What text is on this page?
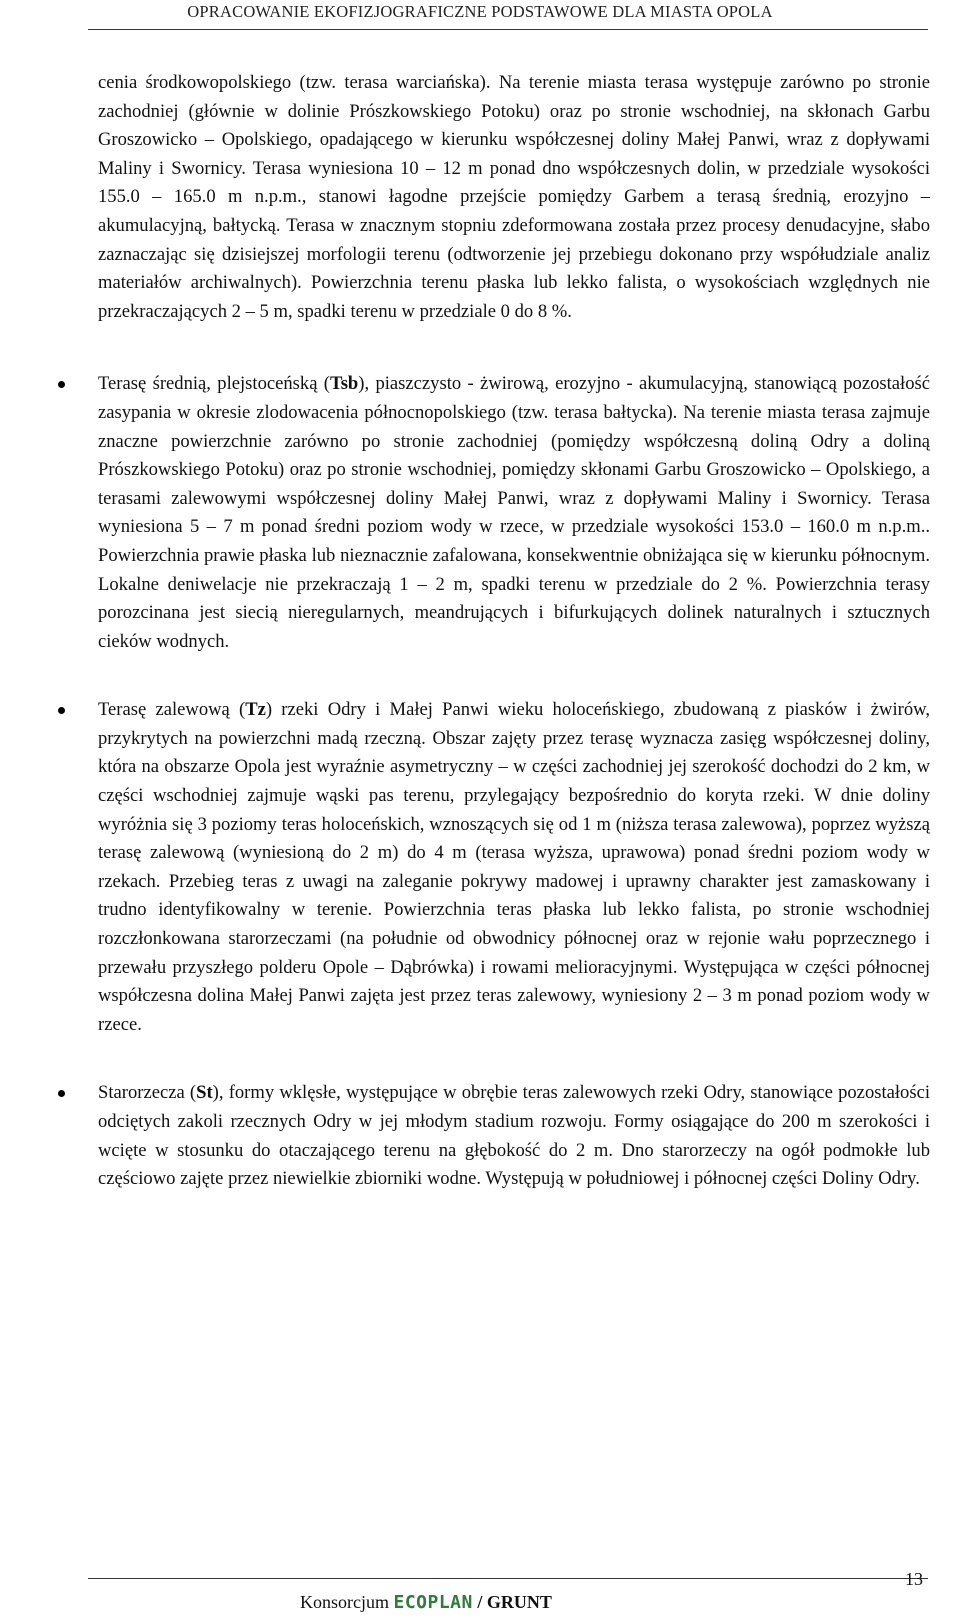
OPRACOWANIE EKOFIZJOGRAFICZNE PODSTAWOWE DLA MIASTA OPOLA

cenia środkowopolskiego (tzw. terasa warciańska). Na terenie miasta terasa występuje zarówno po stronie zachodniej (głównie w dolinie Prószkowskiego Potoku) oraz po stronie wschodniej, na skłonach Garbu Groszowicko – Opolskiego, opadającego w kierunku współczesnej doliny Małej Panwi, wraz z dopływami Maliny i Swornicy. Terasa wyniesiona 10 – 12 m ponad dno współczesnych dolin, w przedziale wysokości 155.0 – 165.0 m n.p.m., stanowi łagodne przejście pomiędzy Garbem a terasą średnią, erozyjno – akumulacyjną, bałtycką. Terasa w znacznym stopniu zdeformowana została przez procesy denudacyjne, słabo zaznaczając się dzisiejszej morfologii terenu (odtworzenie jej przebiegu dokonano przy współudziale analiz materiałów archiwalnych). Powierzchnia terenu płaska lub lekko falista, o wysokościach względnych nie przekraczających 2 – 5 m, spadki terenu w przedziale 0 do 8 %.

Terasę średnią, plejstoceńską (Tsb), piaszczysto - żwirową, erozyjno - akumulacyjną, stanowiącą pozostałość zasypania w okresie zlodowacenia północnopolskiego (tzw. terasa bałtycka). Na terenie miasta terasa zajmuje znaczne powierzchnie zarówno po stronie zachodniej (pomiędzy współczesną doliną Odry a doliną Prószkowskiego Potoku) oraz po stronie wschodniej, pomiędzy skłonami Garbu Groszowicko – Opolskiego, a terasami zalewowymi współczesnej doliny Małej Panwi, wraz z dopływami Maliny i Swornicy. Terasa wyniesiona 5 – 7 m ponad średni poziom wody w rzece, w przedziale wysokości 153.0 – 160.0 m n.p.m.. Powierzchnia prawie płaska lub nieznacznie zafalowana, konsekwentnie obniżająca się w kierunku północnym. Lokalne deniwelacje nie przekraczają 1 – 2 m, spadki terenu w przedziale do 2 %. Powierzchnia terasy porozcinana jest siecią nieregularnych, meandrujących i bifurkujących dolinek naturalnych i sztucznych cieków wodnych.
Terasę zalewową (Tz) rzeki Odry i Małej Panwi wieku holoceńskiego, zbudowaną z piasków i żwirów, przykrytych na powierzchni madą rzeczną. Obszar zajęty przez terasę wyznacza zasięg współczesnej doliny, która na obszarze Opola jest wyraźnie asymetryczny – w części zachodniej jej szerokość dochodzi do 2 km, w części wschodniej zajmuje wąski pas terenu, przylegający bezpośrednio do koryta rzeki. W dnie doliny wyróżnia się 3 poziomy teras holoceńskich, wznoszących się od 1 m (niższa terasa zalewowa), poprzez wyższą terasę zalewową (wyniesioną do 2 m) do 4 m (terasa wyższa, uprawowa) ponad średni poziom wody w rzekach. Przebieg teras z uwagi na zaleganie pokrywy madowej i uprawny charakter jest zamaskowany i trudno identyfikowalny w terenie. Powierzchnia teras płaska lub lekko falista, po stronie wschodniej rozczłonkowana starorzeczami (na południe od obwodnicy północnej oraz w rejonie wału poprzecznego i przewału przyszłego polderu Opole – Dąbrówka) i rowami melioracyjnymi. Występująca w części północnej współczesna dolina Małej Panwi zajęta jest przez teras zalewowy, wyniesiony 2 – 3 m ponad poziom wody w rzece.
Starorzecza (St), formy wklęsłe, występujące w obrębie teras zalewowych rzeki Odry, stanowiące pozostałości odciętych zakoli rzecznych Odry w jej młodym stadium rozwoju. Formy osiągające do 200 m szerokości i wcięte w stosunku do otaczającego terenu na głębokość do 2 m. Dno starorzeczy na ogół podmokłe lub częściowo zajęte przez niewielkie zbiorniki wodne. Występują w południowej i północnej części Doliny Odry.
Konsorcjum ECOPLAN / GRUNT
13
